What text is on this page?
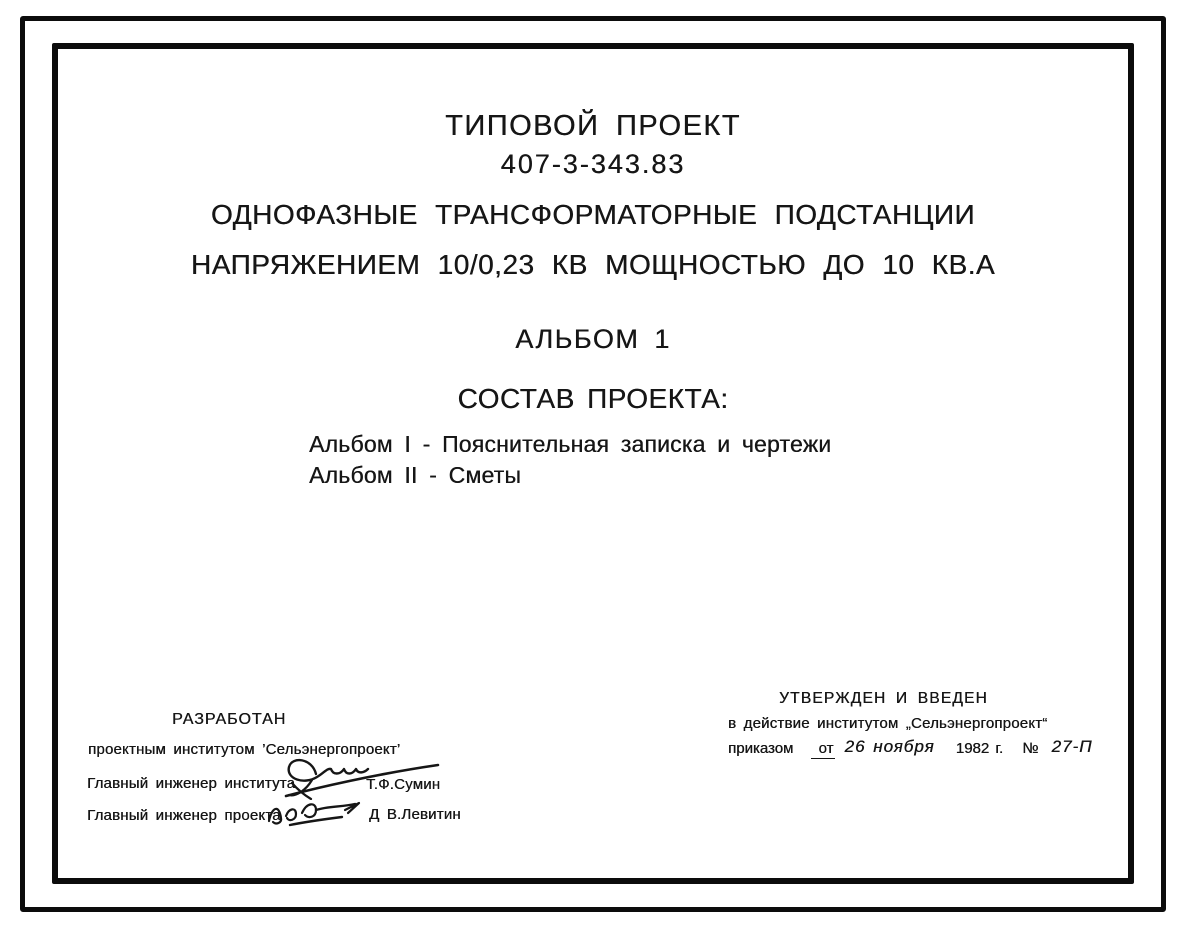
ТИПОВОЙ ПРОЕКТ
407-3-343.83
ОДНОФАЗНЫЕ ТРАНСФОРМАТОРНЫЕ ПОДСТАНЦИИ
НАПРЯЖЕНИЕМ 10/0,23 КВ МОЩНОСТЬЮ ДО 10 КВ.А
АЛЬБОМ 1
СОСТАВ ПРОЕКТА:
Альбом I - Пояснительная записка и чертежи
Альбом II - Сметы
РАЗРАБОТАН
проектным институтом ’Сельэнергопроект’
Главный инженер института	Т.Ф.Сумин
Главный инженер проекта	Д В.Левитин
УТВЕРЖДЕН И ВВЕДЕН
в действие институтом „Сельэнергопроект“
приказом от 26 ноября 1982 г. № 27-П
